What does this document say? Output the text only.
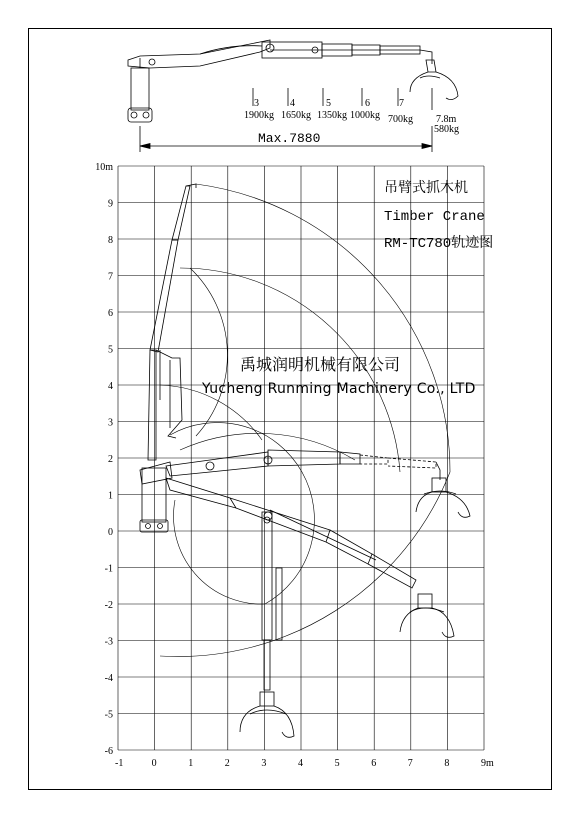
3
1900kg
4
1650kg
5
1350kg
6
1000kg
7
700kg 7.8m
580kg
Max.7880
-1	0	1	2	3	4	5	6	7	8	9m
10m
9
8
7
6
5
4
3
2
1
0
-1
-2
-3
-4
-5
-6
吊臂式抓木机
Timber Crane
RM-TC780轨迹图
禹城润明机械有限公司
Yucheng Runming Machinery Co., LTD
